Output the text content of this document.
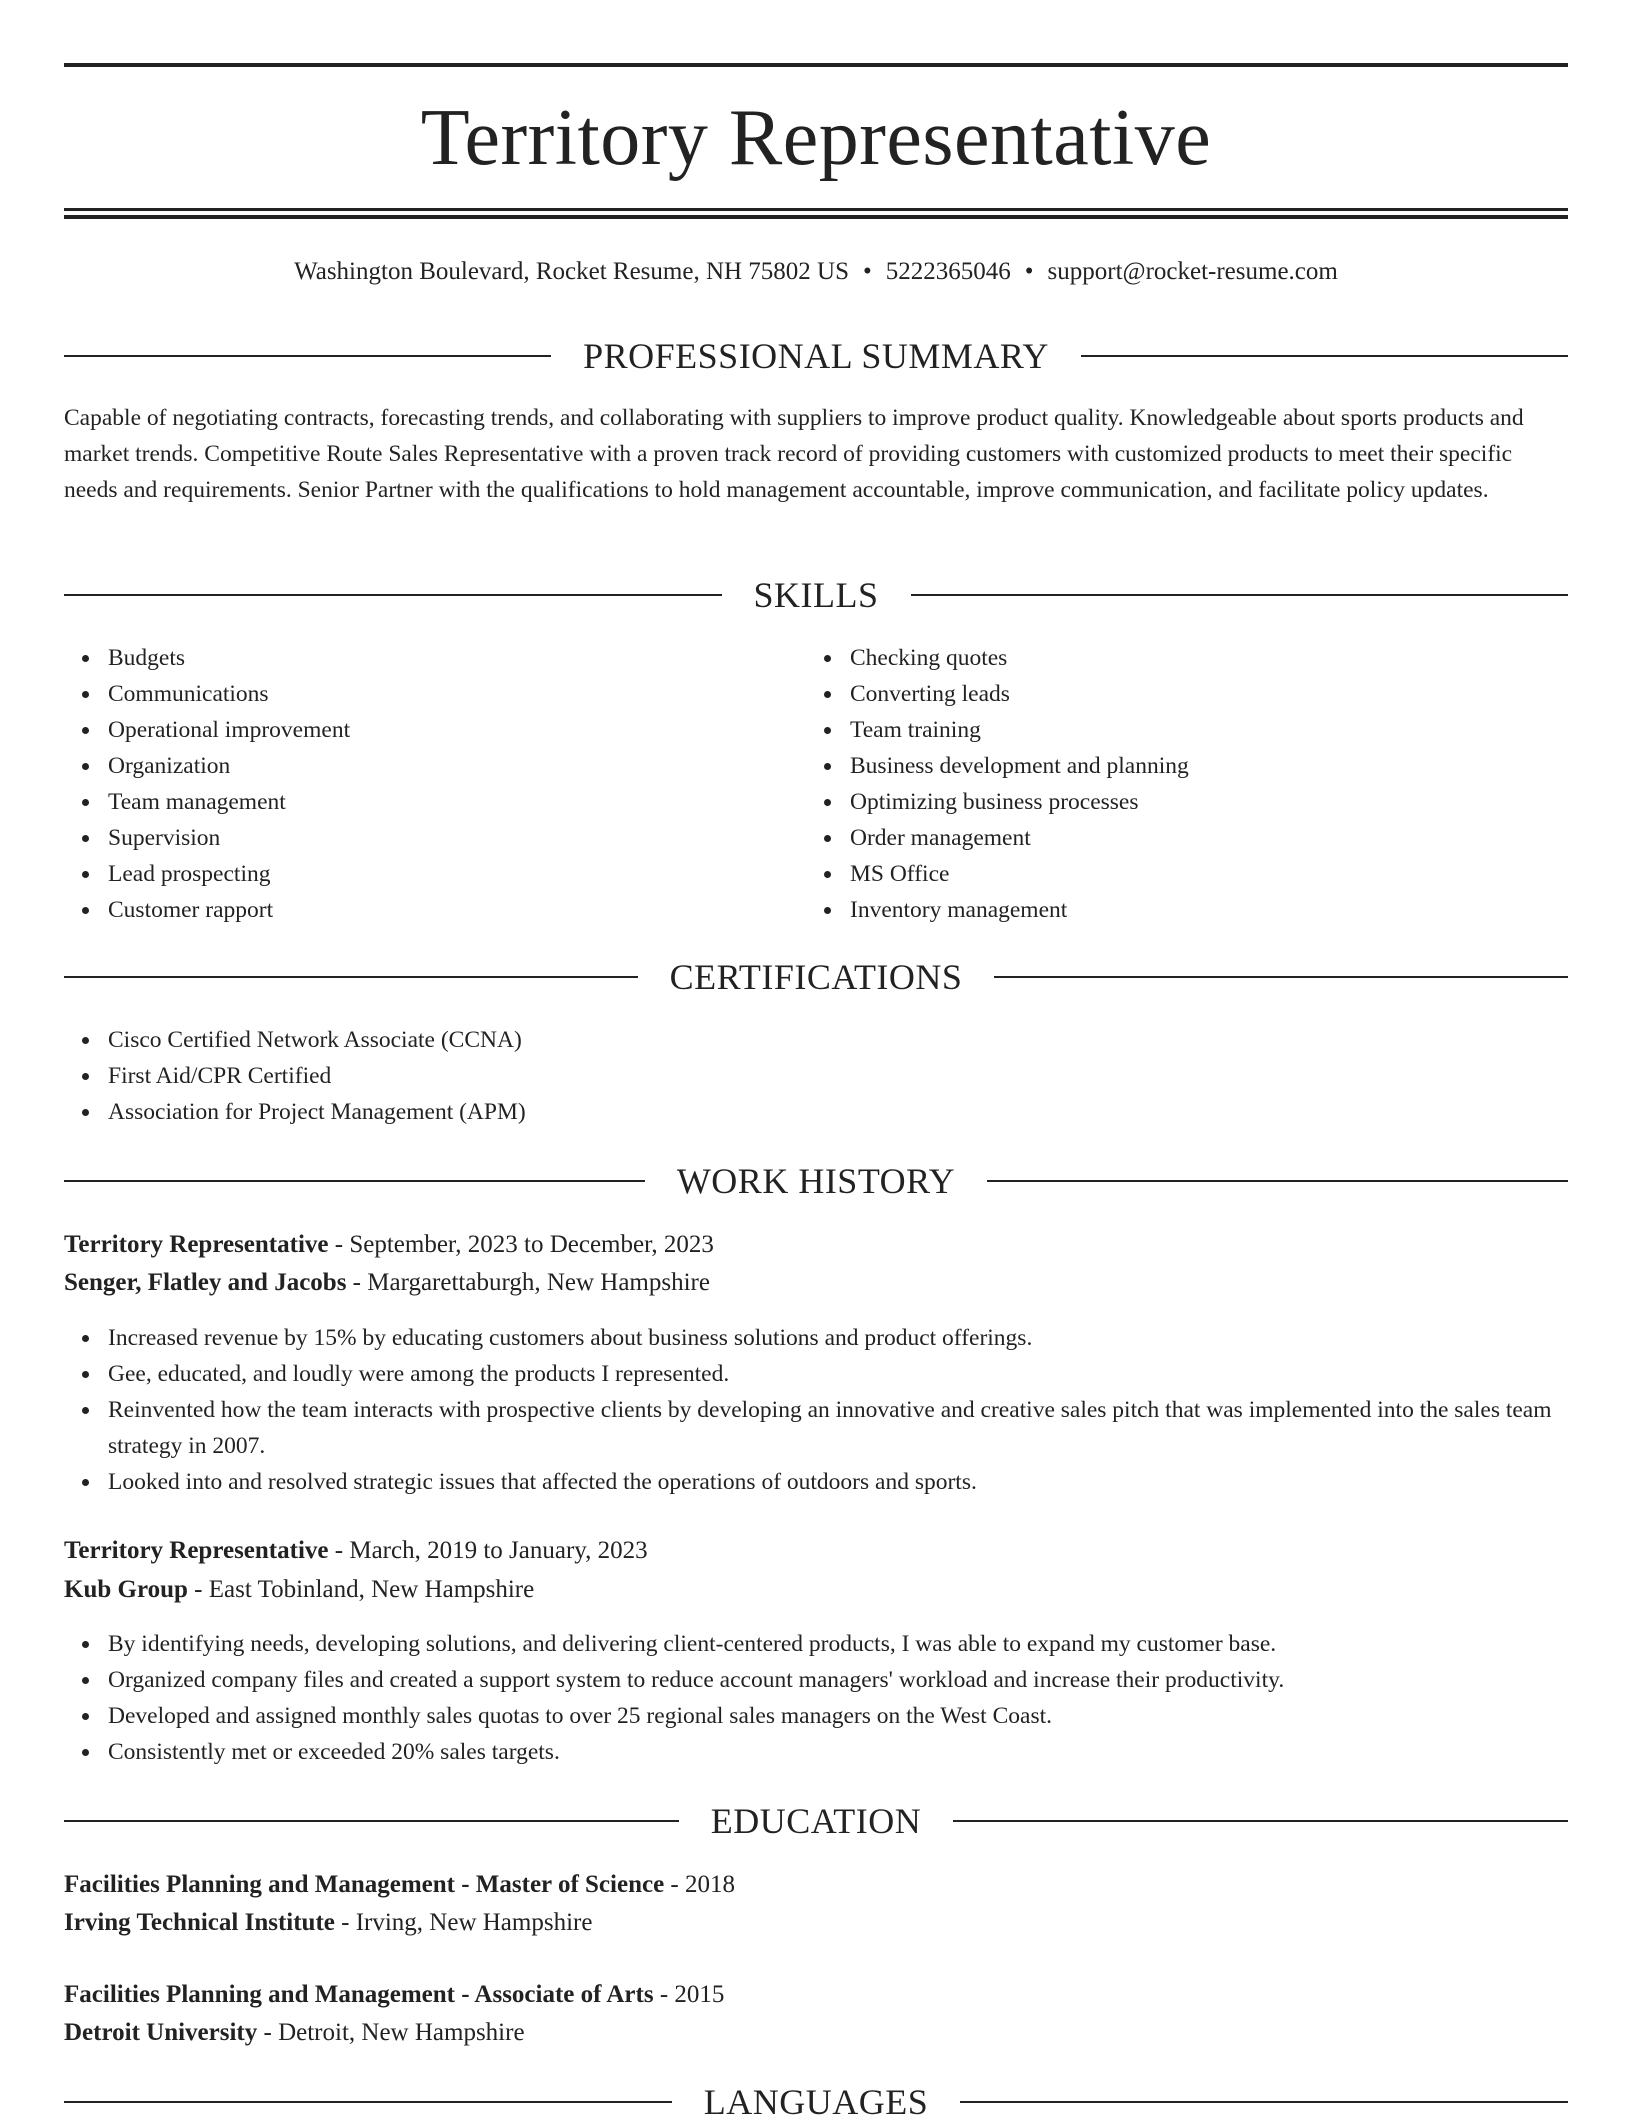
Territory Representative
Washington Boulevard, Rocket Resume, NH 75802 US • 5222365046 • support@rocket-resume.com
PROFESSIONAL SUMMARY

Capable of negotiating contracts, forecasting trends, and collaborating with suppliers to improve product quality. Knowledgeable about sports products and market trends. Competitive Route Sales Representative with a proven track record of providing customers with customized products to meet their specific needs and requirements. Senior Partner with the qualifications to hold management accountable, improve communication, and facilitate policy updates.

SKILLS
Budgets
Communications
Operational improvement
Organization
Team management
Supervision
Lead prospecting
Customer rapport
Checking quotes
Converting leads
Team training
Business development and planning
Optimizing business processes
Order management
MS Office
Inventory management
CERTIFICATIONS
Cisco Certified Network Associate (CCNA)
First Aid/CPR Certified
Association for Project Management (APM)
WORK HISTORY
Territory Representative - September, 2023 to December, 2023
Senger, Flatley and Jacobs - Margarettaburgh, New Hampshire
Increased revenue by 15% by educating customers about business solutions and product offerings.
Gee, educated, and loudly were among the products I represented.
Reinvented how the team interacts with prospective clients by developing an innovative and creative sales pitch that was implemented into the sales team strategy in 2007.
Looked into and resolved strategic issues that affected the operations of outdoors and sports.
Territory Representative - March, 2019 to January, 2023
Kub Group - East Tobinland, New Hampshire
By identifying needs, developing solutions, and delivering client-centered products, I was able to expand my customer base.
Organized company files and created a support system to reduce account managers' workload and increase their productivity.
Developed and assigned monthly sales quotas to over 25 regional sales managers on the West Coast.
Consistently met or exceeded 20% sales targets.
EDUCATION
Facilities Planning and Management - Master of Science - 2018
Irving Technical Institute - Irving, New Hampshire
Facilities Planning and Management - Associate of Arts - 2015
Detroit University - Detroit, New Hampshire
LANGUAGES
